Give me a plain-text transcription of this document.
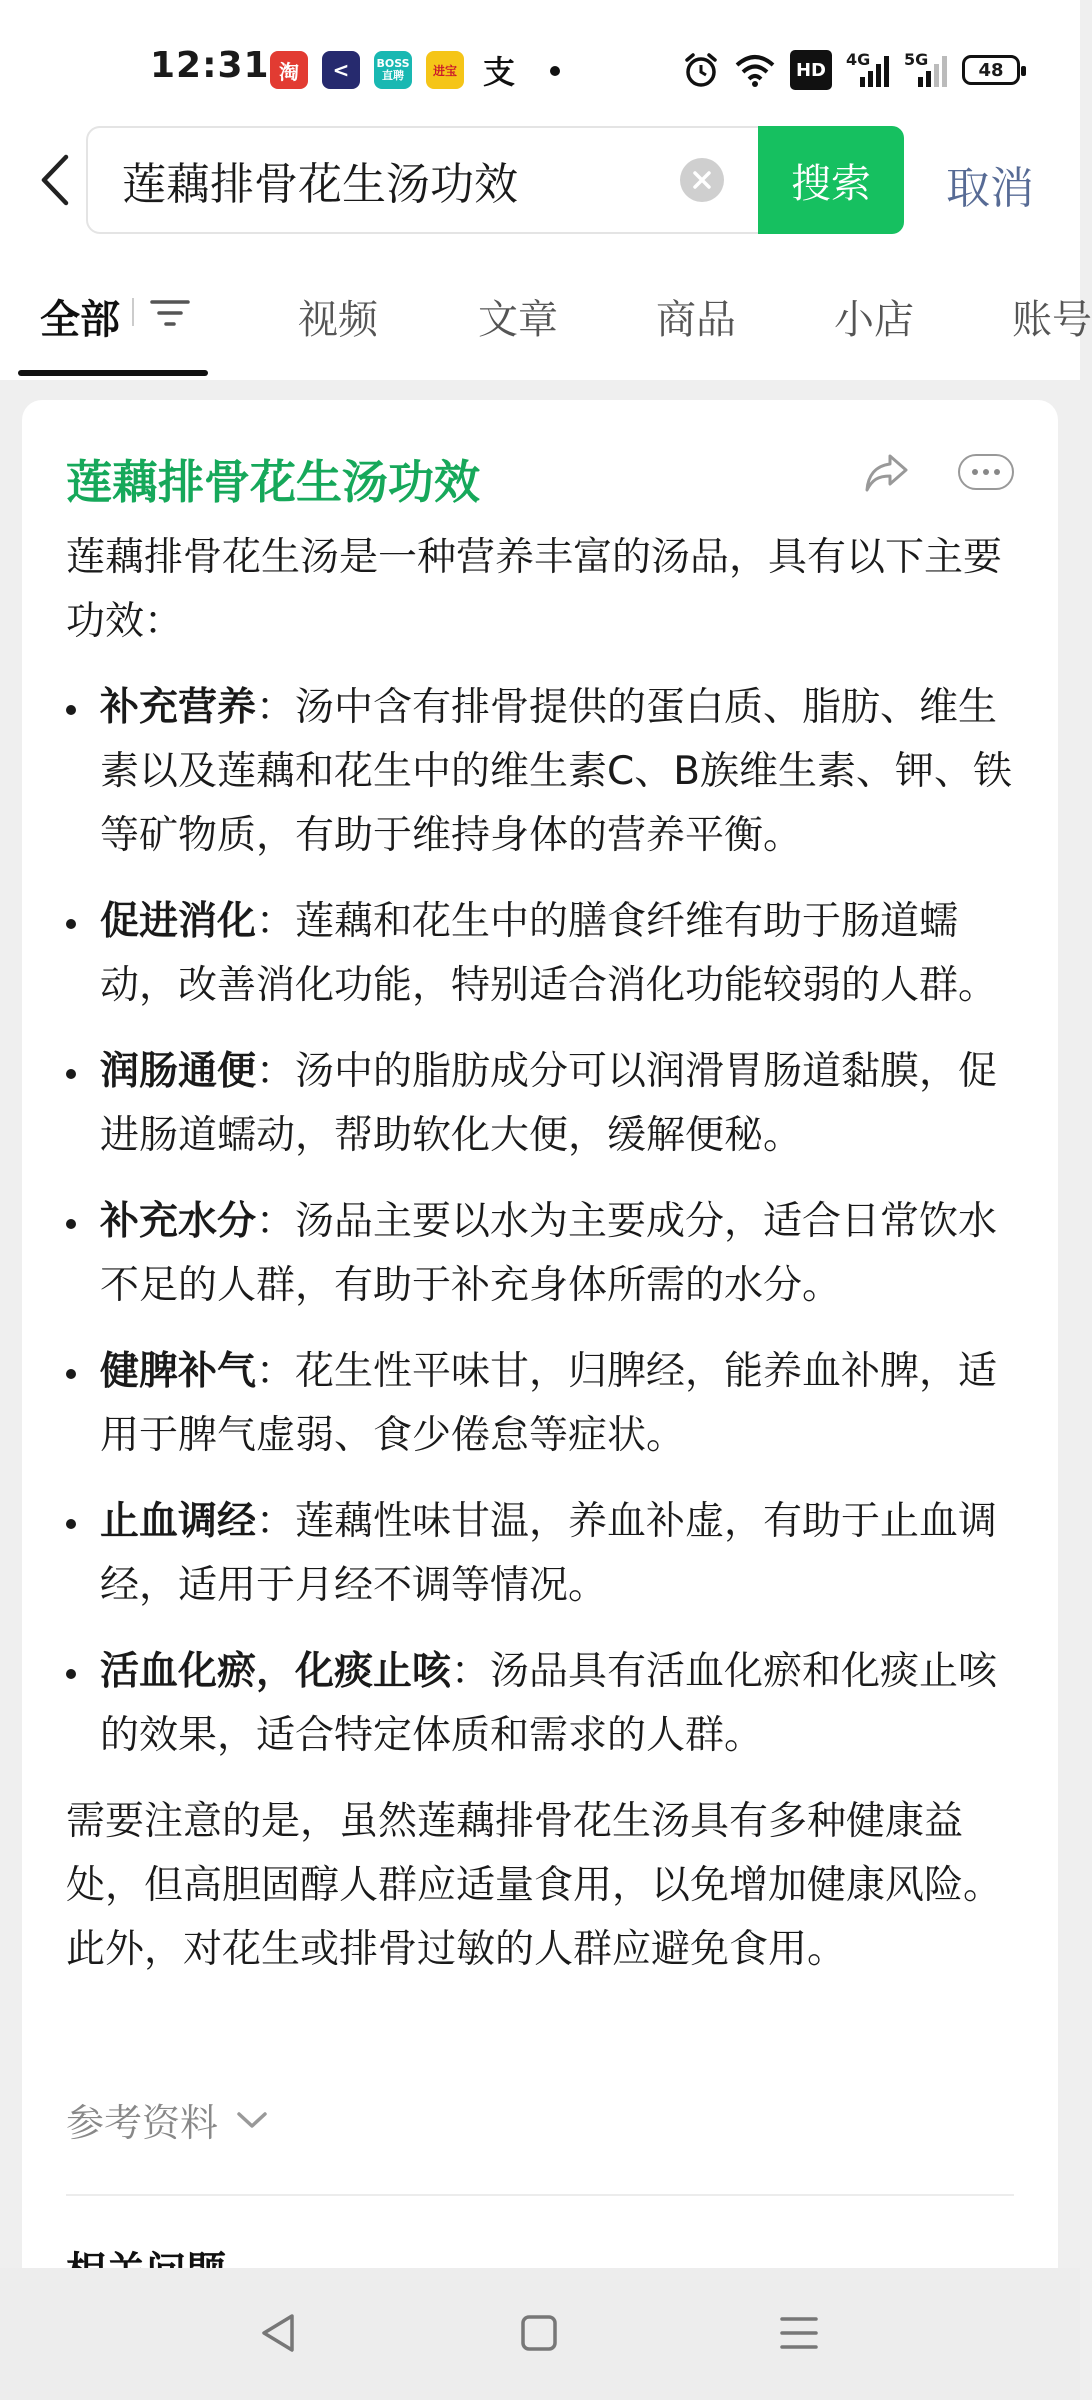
12:31 淘	<	BOSS直聘	进宝 支	HD	4G 5G	48
莲藕排骨花生汤功效
搜索	取消
全部	视频	文章 商品 小店 账号
莲藕排骨花生汤功效

莲藕排骨花生汤是一种营养丰富的汤品，具有以下主要功效：

补充营养：汤中含有排骨提供的蛋白质、脂肪、维生素以及莲藕和花生中的维生素C、B族维生素、钾、铁等矿物质，有助于维持身体的营养平衡。
促进消化：莲藕和花生中的膳食纤维有助于肠道蠕动，改善消化功能，特别适合消化功能较弱的人群。
润肠通便：汤中的脂肪成分可以润滑胃肠道黏膜，促进肠道蠕动，帮助软化大便，缓解便秘。
补充水分：汤品主要以水为主要成分，适合日常饮水不足的人群，有助于补充身体所需的水分。
健脾补气：花生性平味甘，归脾经，能养血补脾，适用于脾气虚弱、食少倦怠等症状。
止血调经：莲藕性味甘温，养血补虚，有助于止血调经，适用于月经不调等情况。
活血化瘀，化痰止咳：汤品具有活血化瘀和化痰止咳的效果，适合特定体质和需求的人群。

需要注意的是，虽然莲藕排骨花生汤具有多种健康益处，但高胆固醇人群应适量食用，以免增加健康风险。此外，对花生或排骨过敏的人群应避免食用。

参考资料
